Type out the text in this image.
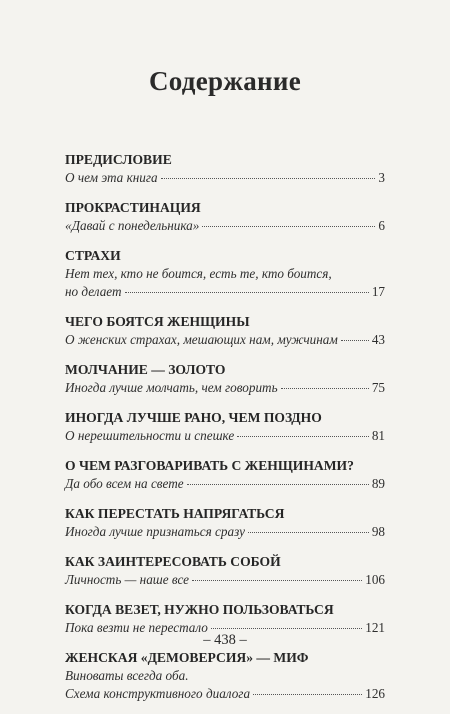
Содержание
ПРЕДИСЛОВИЕ
О чем эта книга	3
ПРОКРАСТИНАЦИЯ
«Давай с понедельника»	6
СТРАХИ
Нет тех, кто не боится, есть те, кто боится,
но делает	17
ЧЕГО БОЯТСЯ ЖЕНЩИНЫ
О женских страхах, мешающих нам, мужчинам	43
МОЛЧАНИЕ — ЗОЛОТО
Иногда лучше молчать, чем говорить	75
ИНОГДА ЛУЧШЕ РАНО, ЧЕМ ПОЗДНО
О нерешительности и спешке	81
О ЧЕМ РАЗГОВАРИВАТЬ С ЖЕНЩИНАМИ?
Да обо всем на свете	89
КАК ПЕРЕСТАТЬ НАПРЯГАТЬСЯ
Иногда лучше признаться сразу	98
КАК ЗАИНТЕРЕСОВАТЬ СОБОЙ
Личность — наше все	106
КОГДА ВЕЗЕТ, НУЖНО ПОЛЬЗОВАТЬСЯ
Пока везти не перестало	121
ЖЕНСКАЯ «ДЕМОВЕРСИЯ» — МИФ
Виноваты всегда оба.
Схема конструктивного диалога	126
– 438 –
